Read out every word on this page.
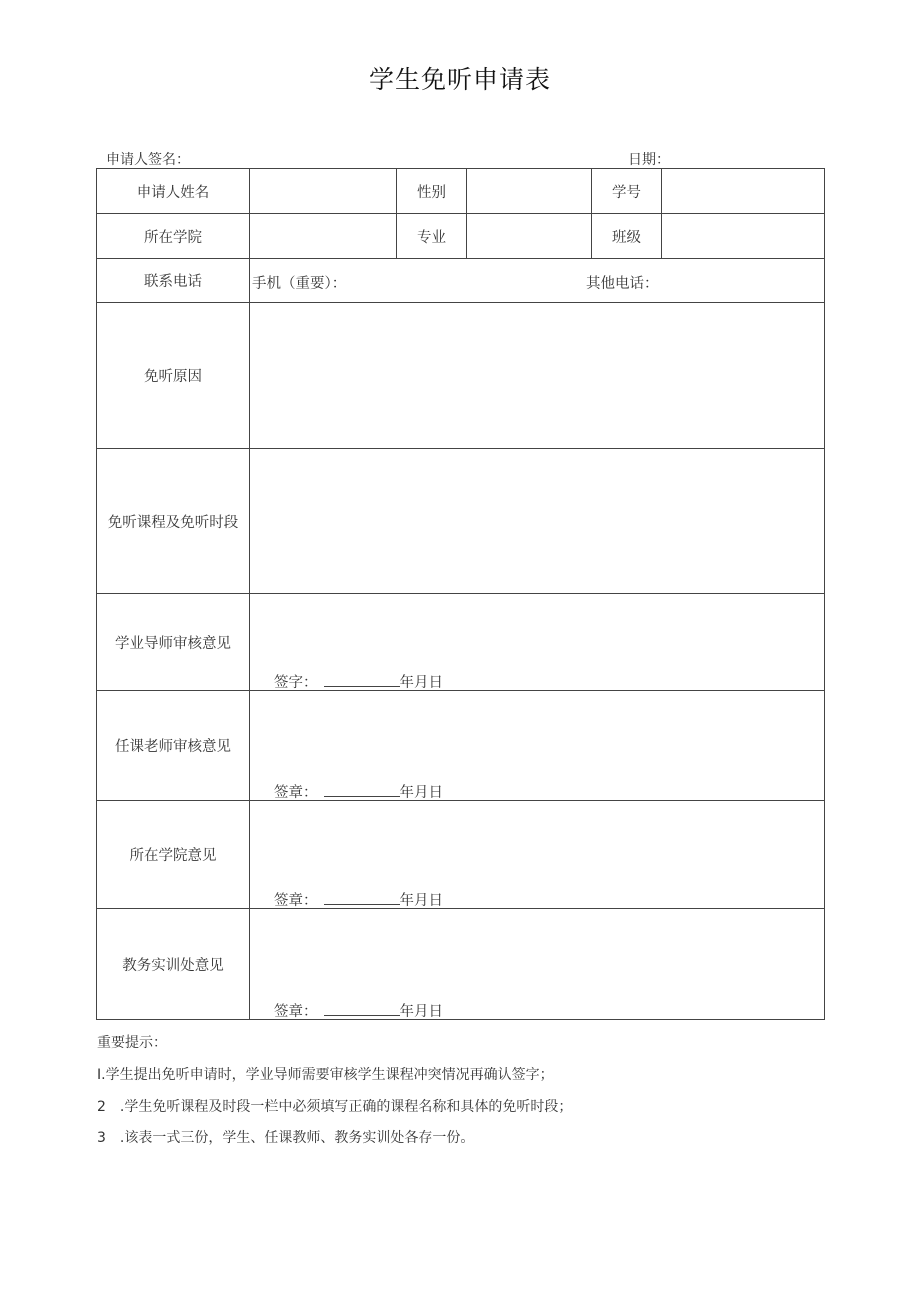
学生免听申请表
申请人签名：	日期：
申请人姓名	性别	学号
所在学院	专业	班级
联系电话	手机（重要）：	其他电话：
免听原因
免听课程及免听时段
学业导师审核意见
签字：	年月日
任课老师审核意见
签章：	年月日
所在学院意见
签章：	年月日
教务实训处意见
签章：	年月日
重要提示：
I.学生提出免听申请时，学业导师需要审核学生课程冲突情况再确认签字；
2　.学生免听课程及时段一栏中必须填写正确的课程名称和具体的免听时段；
3　.该表一式三份，学生、任课教师、教务实训处各存一份。
